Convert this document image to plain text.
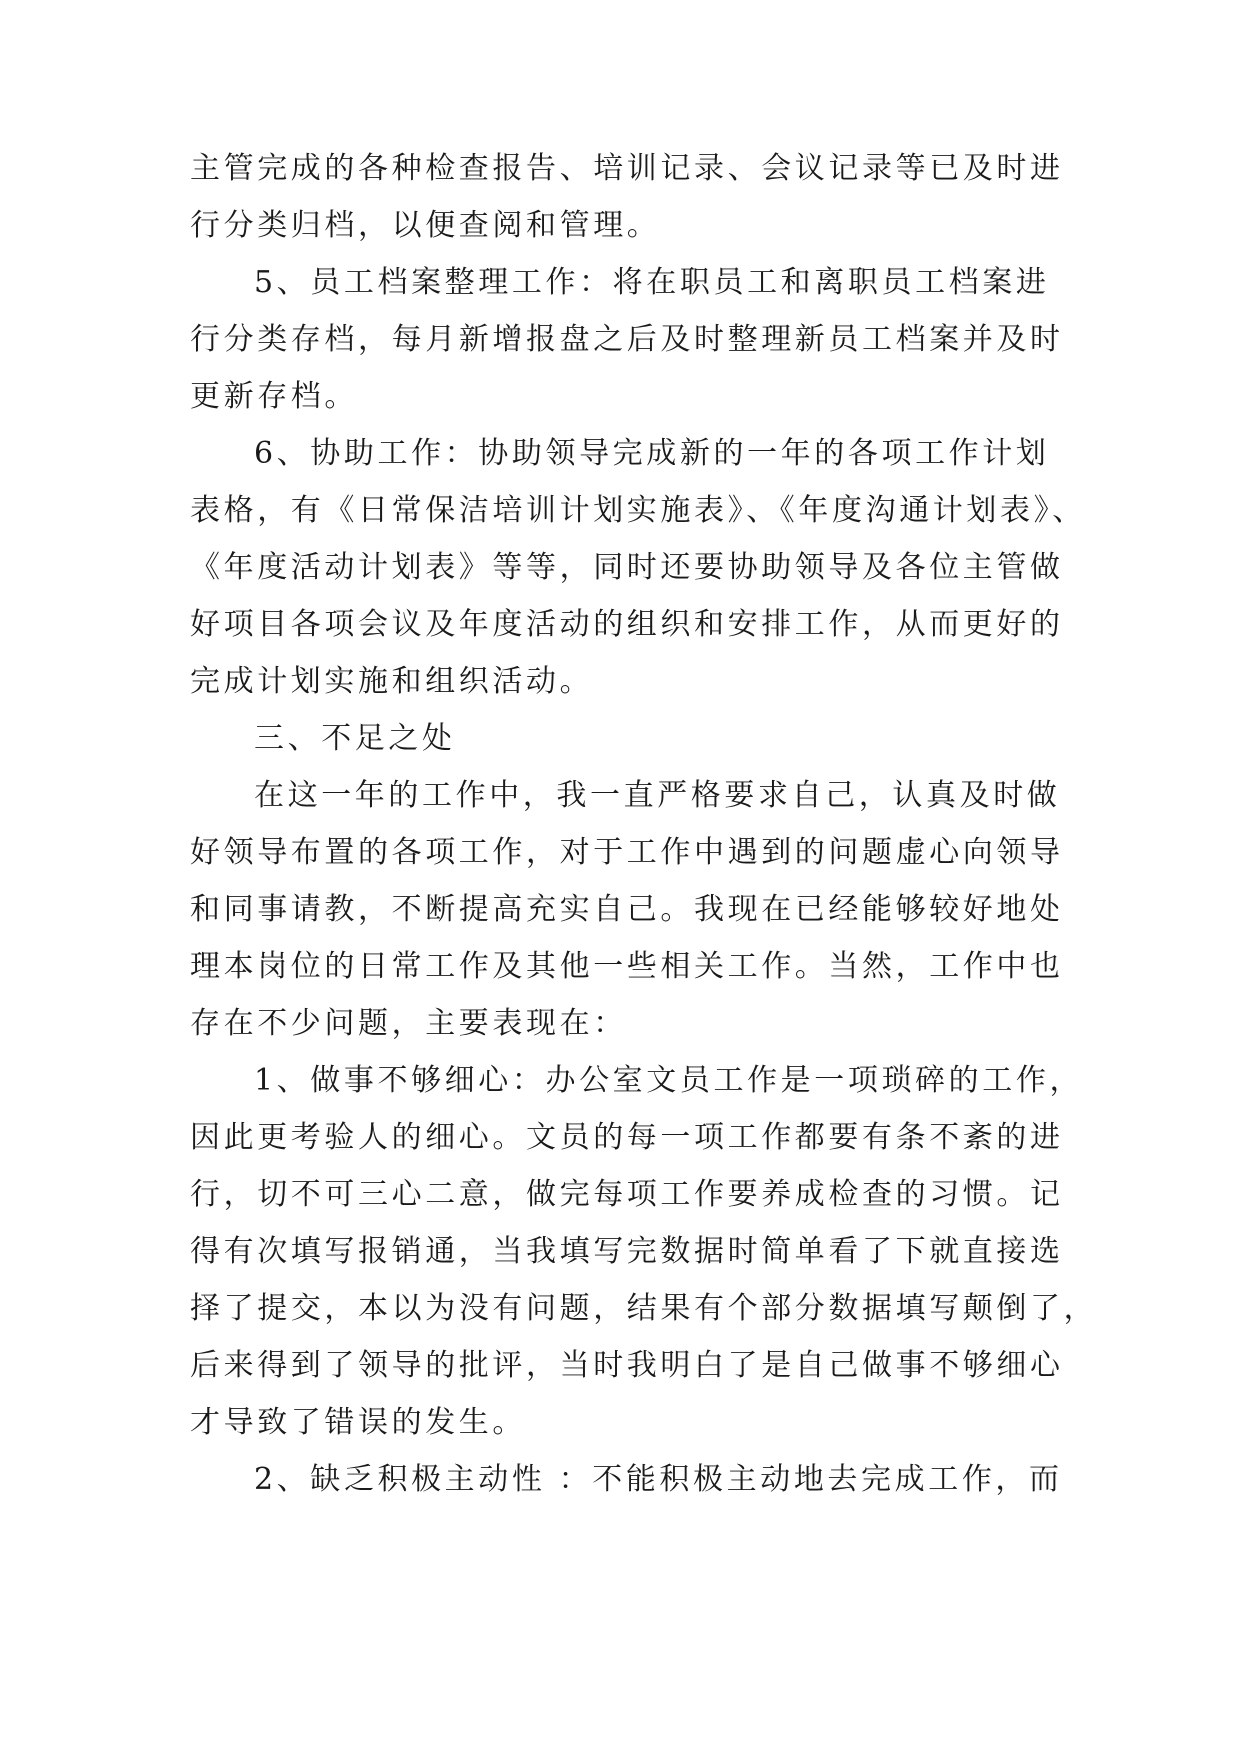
主管完成的各种检查报告、培训记录、会议记录等已及时进

行分类归档，以便查阅和管理。

5、员工档案整理工作：将在职员工和离职员工档案进

行分类存档，每月新增报盘之后及时整理新员工档案并及时

更新存档。

6、协助工作：协助领导完成新的一年的各项工作计划

表格，有《日常保洁培训计划实施表》、《年度沟通计划表》、

《年度活动计划表》等等，同时还要协助领导及各位主管做

好项目各项会议及年度活动的组织和安排工作，从而更好的

完成计划实施和组织活动。

三、不足之处

在这一年的工作中，我一直严格要求自己，认真及时做

好领导布置的各项工作，对于工作中遇到的问题虚心向领导

和同事请教，不断提高充实自己。我现在已经能够较好地处

理本岗位的日常工作及其他一些相关工作。当然，工作中也

存在不少问题，主要表现在：

1、做事不够细心：办公室文员工作是一项琐碎的工作，

因此更考验人的细心。文员的每一项工作都要有条不紊的进

行，切不可三心二意，做完每项工作要养成检查的习惯。记

得有次填写报销通，当我填写完数据时简单看了下就直接选

择了提交，本以为没有问题，结果有个部分数据填写颠倒了，

后来得到了领导的批评，当时我明白了是自己做事不够细心

才导致了错误的发生。

2、缺乏积极主动性 ：不能积极主动地去完成工作，而
